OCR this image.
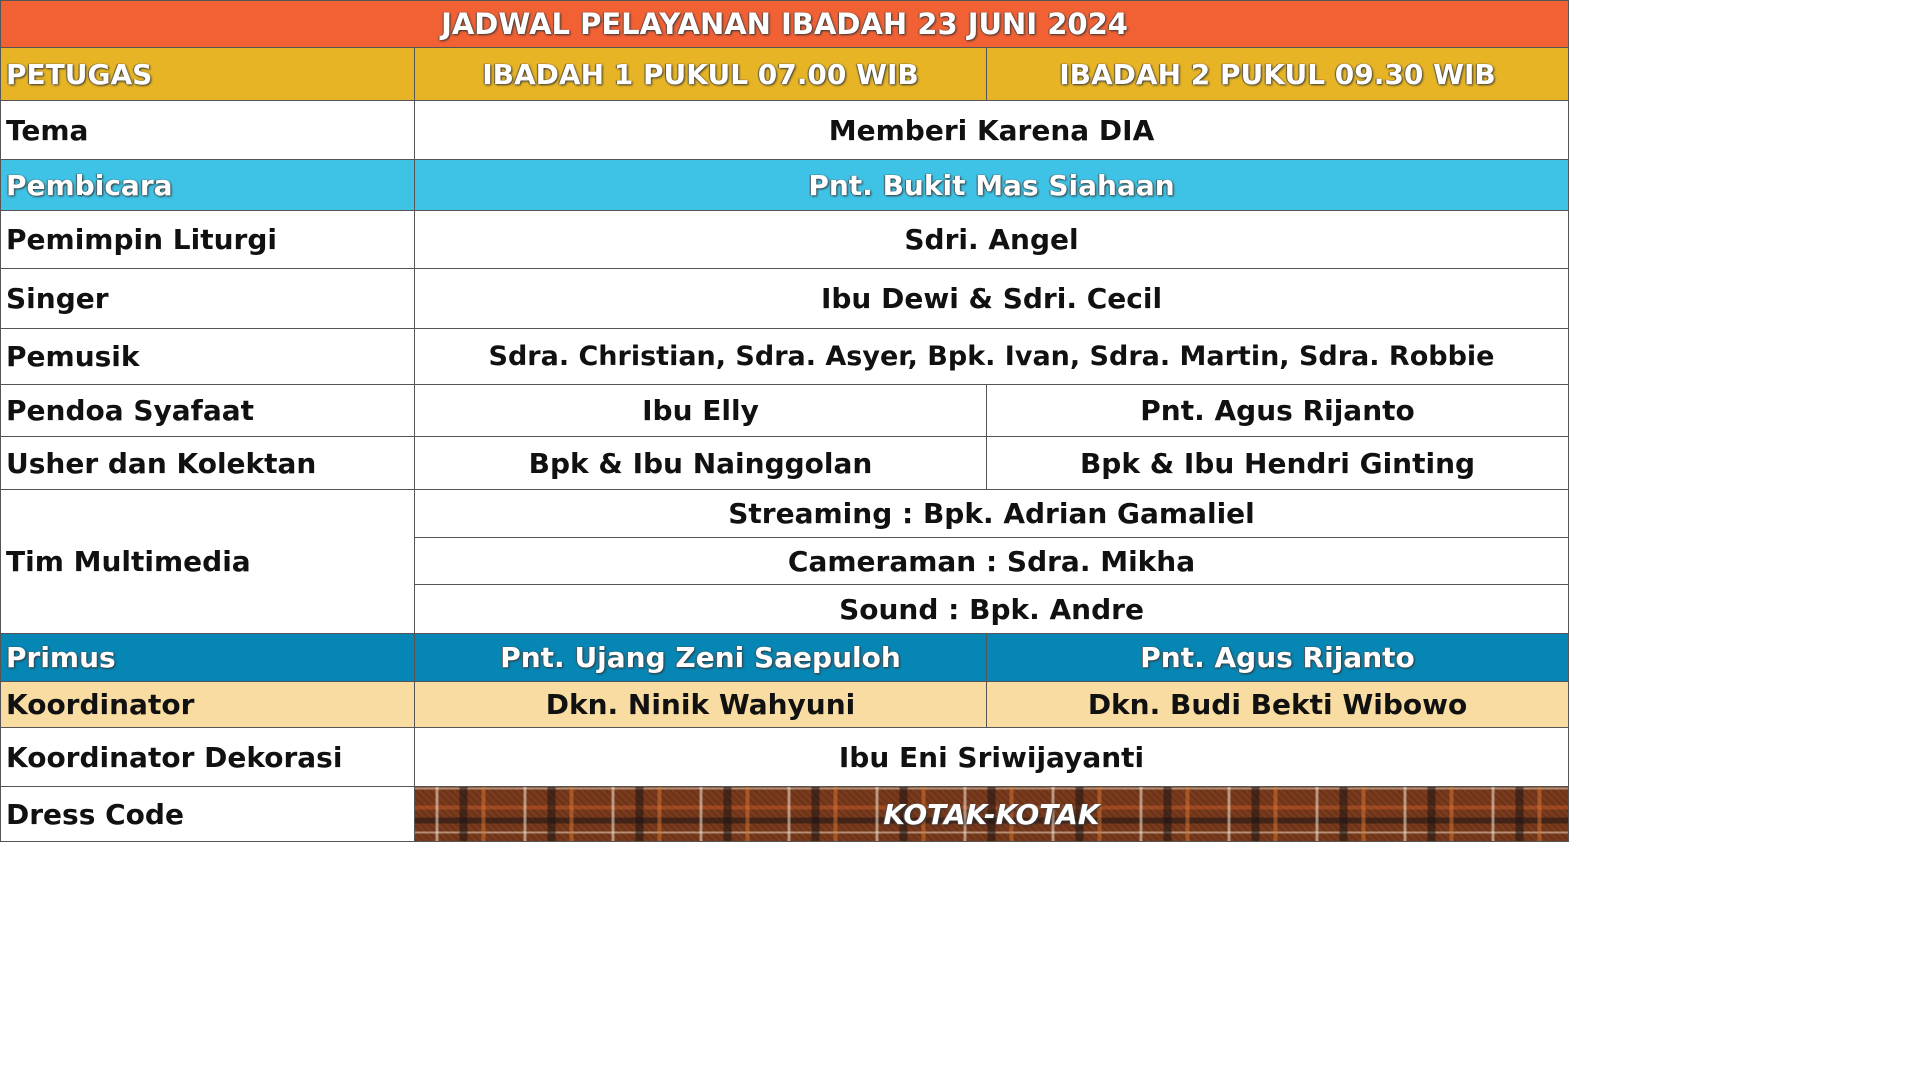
JADWAL PELAYANAN IBADAH 23 JUNI 2024		
PETUGAS	IBADAH 1 PUKUL 07.00 WIB	IBADAH 2 PUKUL 09.30 WIB
Tema	Memberi Karena DIA	
Pembicara	Pnt. Bukit Mas Siahaan	
Pemimpin Liturgi	Sdri. Angel	
Singer	Ibu Dewi & Sdri. Cecil	
Pemusik	Sdra. Christian, Sdra. Asyer, Bpk. Ivan, Sdra. Martin, Sdra. Robbie	
Pendoa Syafaat	Ibu Elly	Pnt. Agus Rijanto
Usher dan Kolektan	Bpk & Ibu Nainggolan	Bpk & Ibu Hendri Ginting
Tim Multimedia	Streaming : Bpk. Adrian Gamaliel	
	Cameraman : Sdra. Mikha	
	Sound : Bpk. Andre	
Primus	Pnt. Ujang Zeni Saepuloh	Pnt. Agus Rijanto
Koordinator	Dkn. Ninik Wahyuni	Dkn. Budi Bekti Wibowo
Koordinator Dekorasi	Ibu Eni Sriwijayanti	
Dress Code	KOTAK-KOTAK	
